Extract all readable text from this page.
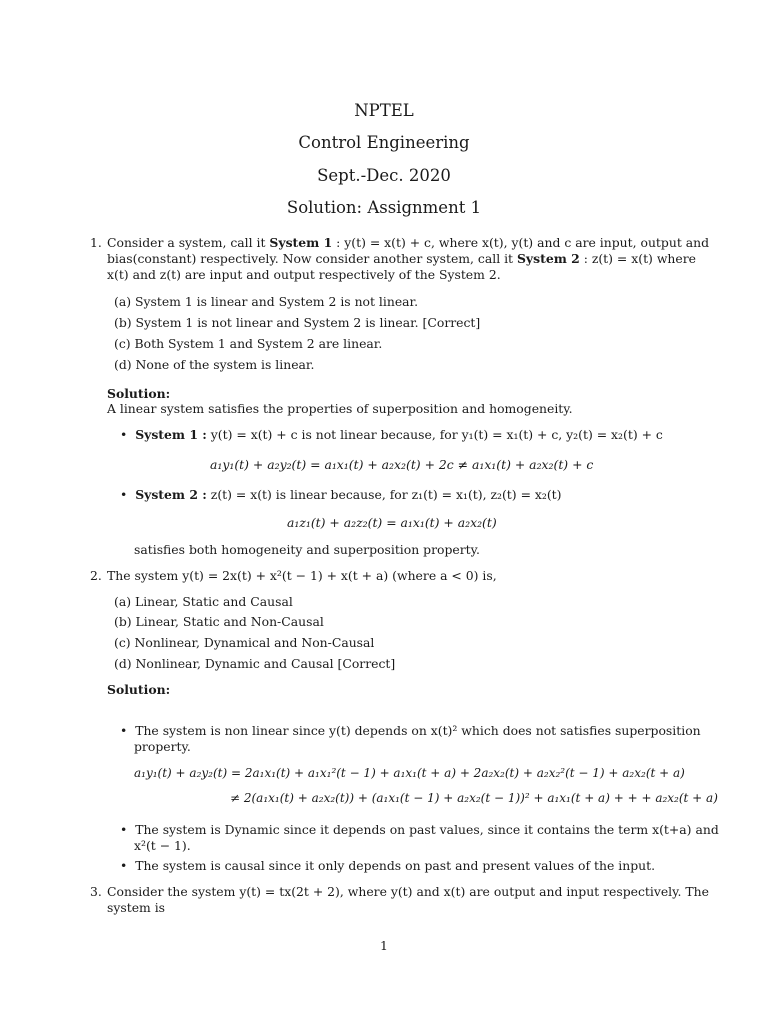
NPTEL
Control Engineering
Sept.-Dec. 2020
Solution: Assignment 1
1. Consider a system, call it System 1 : y(t) = x(t) + c, where x(t), y(t) and c are input, output and
bias(constant) respectively. Now consider another system, call it System 2 : z(t) = x(t) where
x(t) and z(t) are input and output respectively of the System 2.
(a) System 1 is linear and System 2 is not linear.
(b) System 1 is not linear and System 2 is linear. [Correct]
(c) Both System 1 and System 2 are linear.
(d) None of the system is linear.
Solution:
A linear system satisfies the properties of superposition and homogeneity.
•  System 1 : y(t) = x(t) + c is not linear because, for y₁(t) = x₁(t) + c, y₂(t) = x₂(t) + c
a₁y₁(t) + a₂y₂(t) = a₁x₁(t) + a₂x₂(t) + 2c ≠ a₁x₁(t) + a₂x₂(t) + c
•  System 2 : z(t) = x(t) is linear because, for z₁(t) = x₁(t), z₂(t) = x₂(t)
a₁z₁(t) + a₂z₂(t) = a₁x₁(t) + a₂x₂(t)
satisfies both homogeneity and superposition property.
2. The system y(t) = 2x(t) + x²(t − 1) + x(t + a) (where a < 0) is,
(a) Linear, Static and Causal
(b) Linear, Static and Non-Causal
(c) Nonlinear, Dynamical and Non-Causal
(d) Nonlinear, Dynamic and Causal [Correct]
Solution:
•  The system is non linear since y(t) depends on x(t)² which does not satisfies superposition
property.
a₁y₁(t) + a₂y₂(t) = 2a₁x₁(t) + a₁x₁²(t − 1) + a₁x₁(t + a) + 2a₂x₂(t) + a₂x₂²(t − 1) + a₂x₂(t + a)
≠ 2(a₁x₁(t) + a₂x₂(t)) + (a₁x₁(t − 1) + a₂x₂(t − 1))² + a₁x₁(t + a) + + + a₂x₂(t + a)
•  The system is Dynamic since it depends on past values, since it contains the term x(t+a) and
x²(t − 1).
•  The system is causal since it only depends on past and present values of the input.
3. Consider the system y(t) = tx(2t + 2), where y(t) and x(t) are output and input respectively. The
system is
1
